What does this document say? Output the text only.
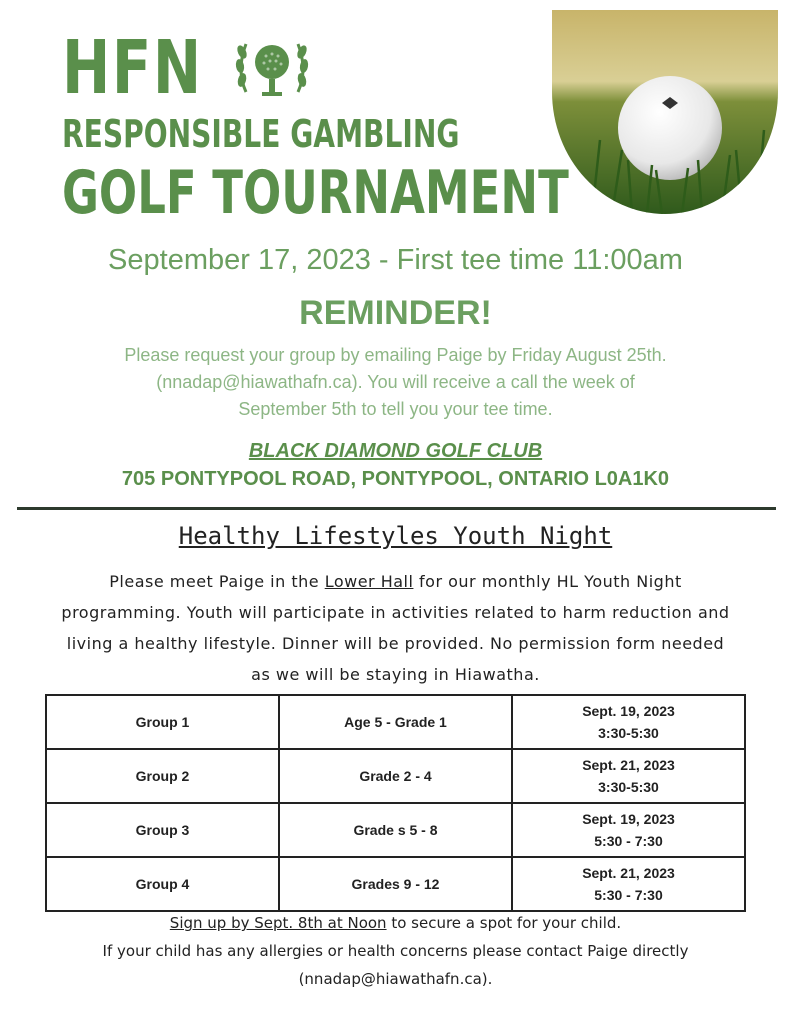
HFN
RESPONSIBLE GAMBLING
GOLF TOURNAMENT
September 17, 2023 - First tee time 11:00am
REMINDER!
Please request your group by emailing Paige by Friday August 25th.
(nnadap@hiawathafn.ca). You will receive a call the week of
September 5th to tell you your tee time.
BLACK DIAMOND GOLF CLUB
705 PONTYPOOL ROAD, PONTYPOOL, ONTARIO L0A1K0
Healthy Lifestyles Youth Night
Please meet Paige in the Lower Hall for our monthly HL Youth Night programming. Youth will participate in activities related to harm reduction and living a healthy lifestyle. Dinner will be provided. No permission form needed as we will be staying in Hiawatha.
Group 1	Age 5 - Grade 1	Sept. 19, 2023
3:30-5:30

Group 2	Grade 2 - 4	Sept. 21, 2023
3:30-5:30

Group 3	Grade s 5 - 8	Sept. 19, 2023
5:30 - 7:30

Group 4	Grades 9 - 12	Sept. 21, 2023
5:30 - 7:30
Sign up by Sept. 8th at Noon to secure a spot for your child.
If your child has any allergies or health concerns please contact Paige directly
(nnadap@hiawathafn.ca).
